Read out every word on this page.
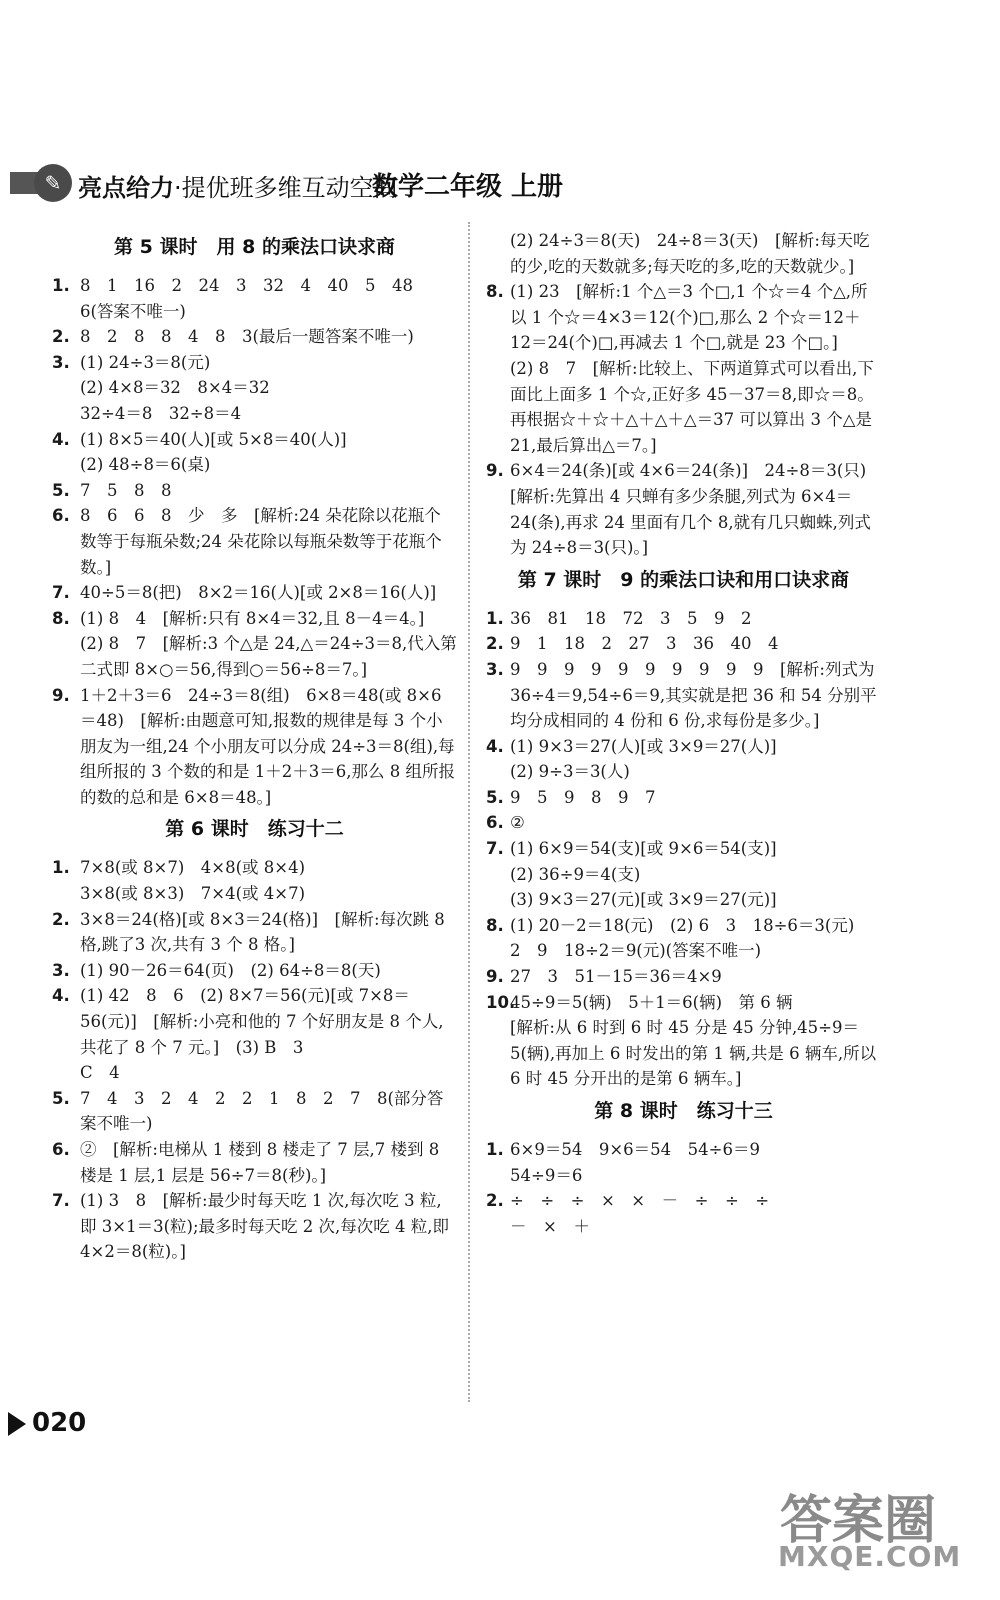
✎ 亮点给力·提优班多维互动空间
数学二年级 上册
第 5 课时　用 8 的乘法口诀求商
1. 8　1　16　2　24　3　32　4　40　5　48　6(答案不唯一)
2. 8　2　8　8　4　8　3(最后一题答案不唯一)
3. (1) 24÷3＝8(元)
(2) 4×8＝32　8×4＝32
32÷4＝8　32÷8＝4
4. (1) 8×5＝40(人)[或 5×8＝40(人)]
(2) 48÷8＝6(桌)
5. 7　5　8　8
6. 8　6　6　8　少　多　[解析:24 朵花除以花瓶个数等于每瓶朵数;24 朵花除以每瓶朵数等于花瓶个数。]
7. 40÷5＝8(把)　8×2＝16(人)[或 2×8＝16(人)]
8. (1) 8　4　[解析:只有 8×4＝32,且 8－4＝4。]
(2) 8　7　[解析:3 个△是 24,△＝24÷3＝8,代入第二式即 8×○＝56,得到○＝56÷8＝7。]
9. 1＋2＋3＝6　24÷3＝8(组)　6×8＝48(或 8×6＝48)　[解析:由题意可知,报数的规律是每 3 个小朋友为一组,24 个小朋友可以分成 24÷3＝8(组),每组所报的 3 个数的和是 1＋2＋3＝6,那么 8 组所报的数的总和是 6×8＝48。]
第 6 课时　练习十二
1. 7×8(或 8×7)　4×8(或 8×4)
3×8(或 8×3)　7×4(或 4×7)
2. 3×8＝24(格)[或 8×3＝24(格)]　[解析:每次跳 8 格,跳了3 次,共有 3 个 8 格。]
3. (1) 90－26＝64(页)　(2) 64÷8＝8(天)
4. (1) 42　8　6　(2) 8×7＝56(元)[或 7×8＝56(元)]　[解析:小亮和他的 7 个好朋友是 8 个人,共花了 8 个 7 元。]　(3) B　3
C　4
5. 7　4　3　2　4　2　2　1　8　2　7　8(部分答案不唯一)
6. ②　[解析:电梯从 1 楼到 8 楼走了 7 层,7 楼到 8 楼是 1 层,1 层是 56÷7＝8(秒)。]
7. (1) 3　8　[解析:最少时每天吃 1 次,每次吃 3 粒,即 3×1＝3(粒);最多时每天吃 2 次,每次吃 4 粒,即 4×2＝8(粒)。]
(2) 24÷3＝8(天)　24÷8＝3(天)　[解析:每天吃的少,吃的天数就多;每天吃的多,吃的天数就少。]
8. (1) 23　[解析:1 个△＝3 个□,1 个☆＝4 个△,所以 1 个☆＝4×3＝12(个)□,那么 2 个☆＝12＋12＝24(个)□,再减去 1 个□,就是 23 个□。]
(2) 8　7　[解析:比较上、下两道算式可以看出,下面比上面多 1 个☆,正好多 45－37＝8,即☆＝8。再根据☆＋☆＋△＋△＋△＝37 可以算出 3 个△是 21,最后算出△＝7。]
9. 6×4＝24(条)[或 4×6＝24(条)]　24÷8＝3(只)　[解析:先算出 4 只蝉有多少条腿,列式为 6×4＝24(条),再求 24 里面有几个 8,就有几只蜘蛛,列式为 24÷8＝3(只)。]
第 7 课时　9 的乘法口诀和用口诀求商
1. 36　81　18　72　3　5　9　2
2. 9　1　18　2　27　3　36　40　4
3. 9　9　9　9　9　9　9　9　9　9　[解析:列式为 36÷4＝9,54÷6＝9,其实就是把 36 和 54 分别平均分成相同的 4 份和 6 份,求每份是多少。]
4. (1) 9×3＝27(人)[或 3×9＝27(人)]
(2) 9÷3＝3(人)
5. 9　5　9　8　9　7
6. ②
7. (1) 6×9＝54(支)[或 9×6＝54(支)]
(2) 36÷9＝4(支)
(3) 9×3＝27(元)[或 3×9＝27(元)]
8. (1) 20－2＝18(元)　(2) 6　3　18÷6＝3(元)　2　9　18÷2＝9(元)(答案不唯一)
9. 27　3　51－15＝36＝4×9
10.
45÷9＝5(辆)　5＋1＝6(辆)　第 6 辆
[解析:从 6 时到 6 时 45 分是 45 分钟,45÷9＝5(辆),再加上 6 时发出的第 1 辆,共是 6 辆车,所以 6 时 45 分开出的是第 6 辆车。]
第 8 课时　练习十三
1. 6×9＝54　9×6＝54　54÷6＝9
54÷9＝6
2. ÷　÷　÷　×　×　－　÷　÷　÷
－　×　＋
020
答案圈
MXQE.COM
